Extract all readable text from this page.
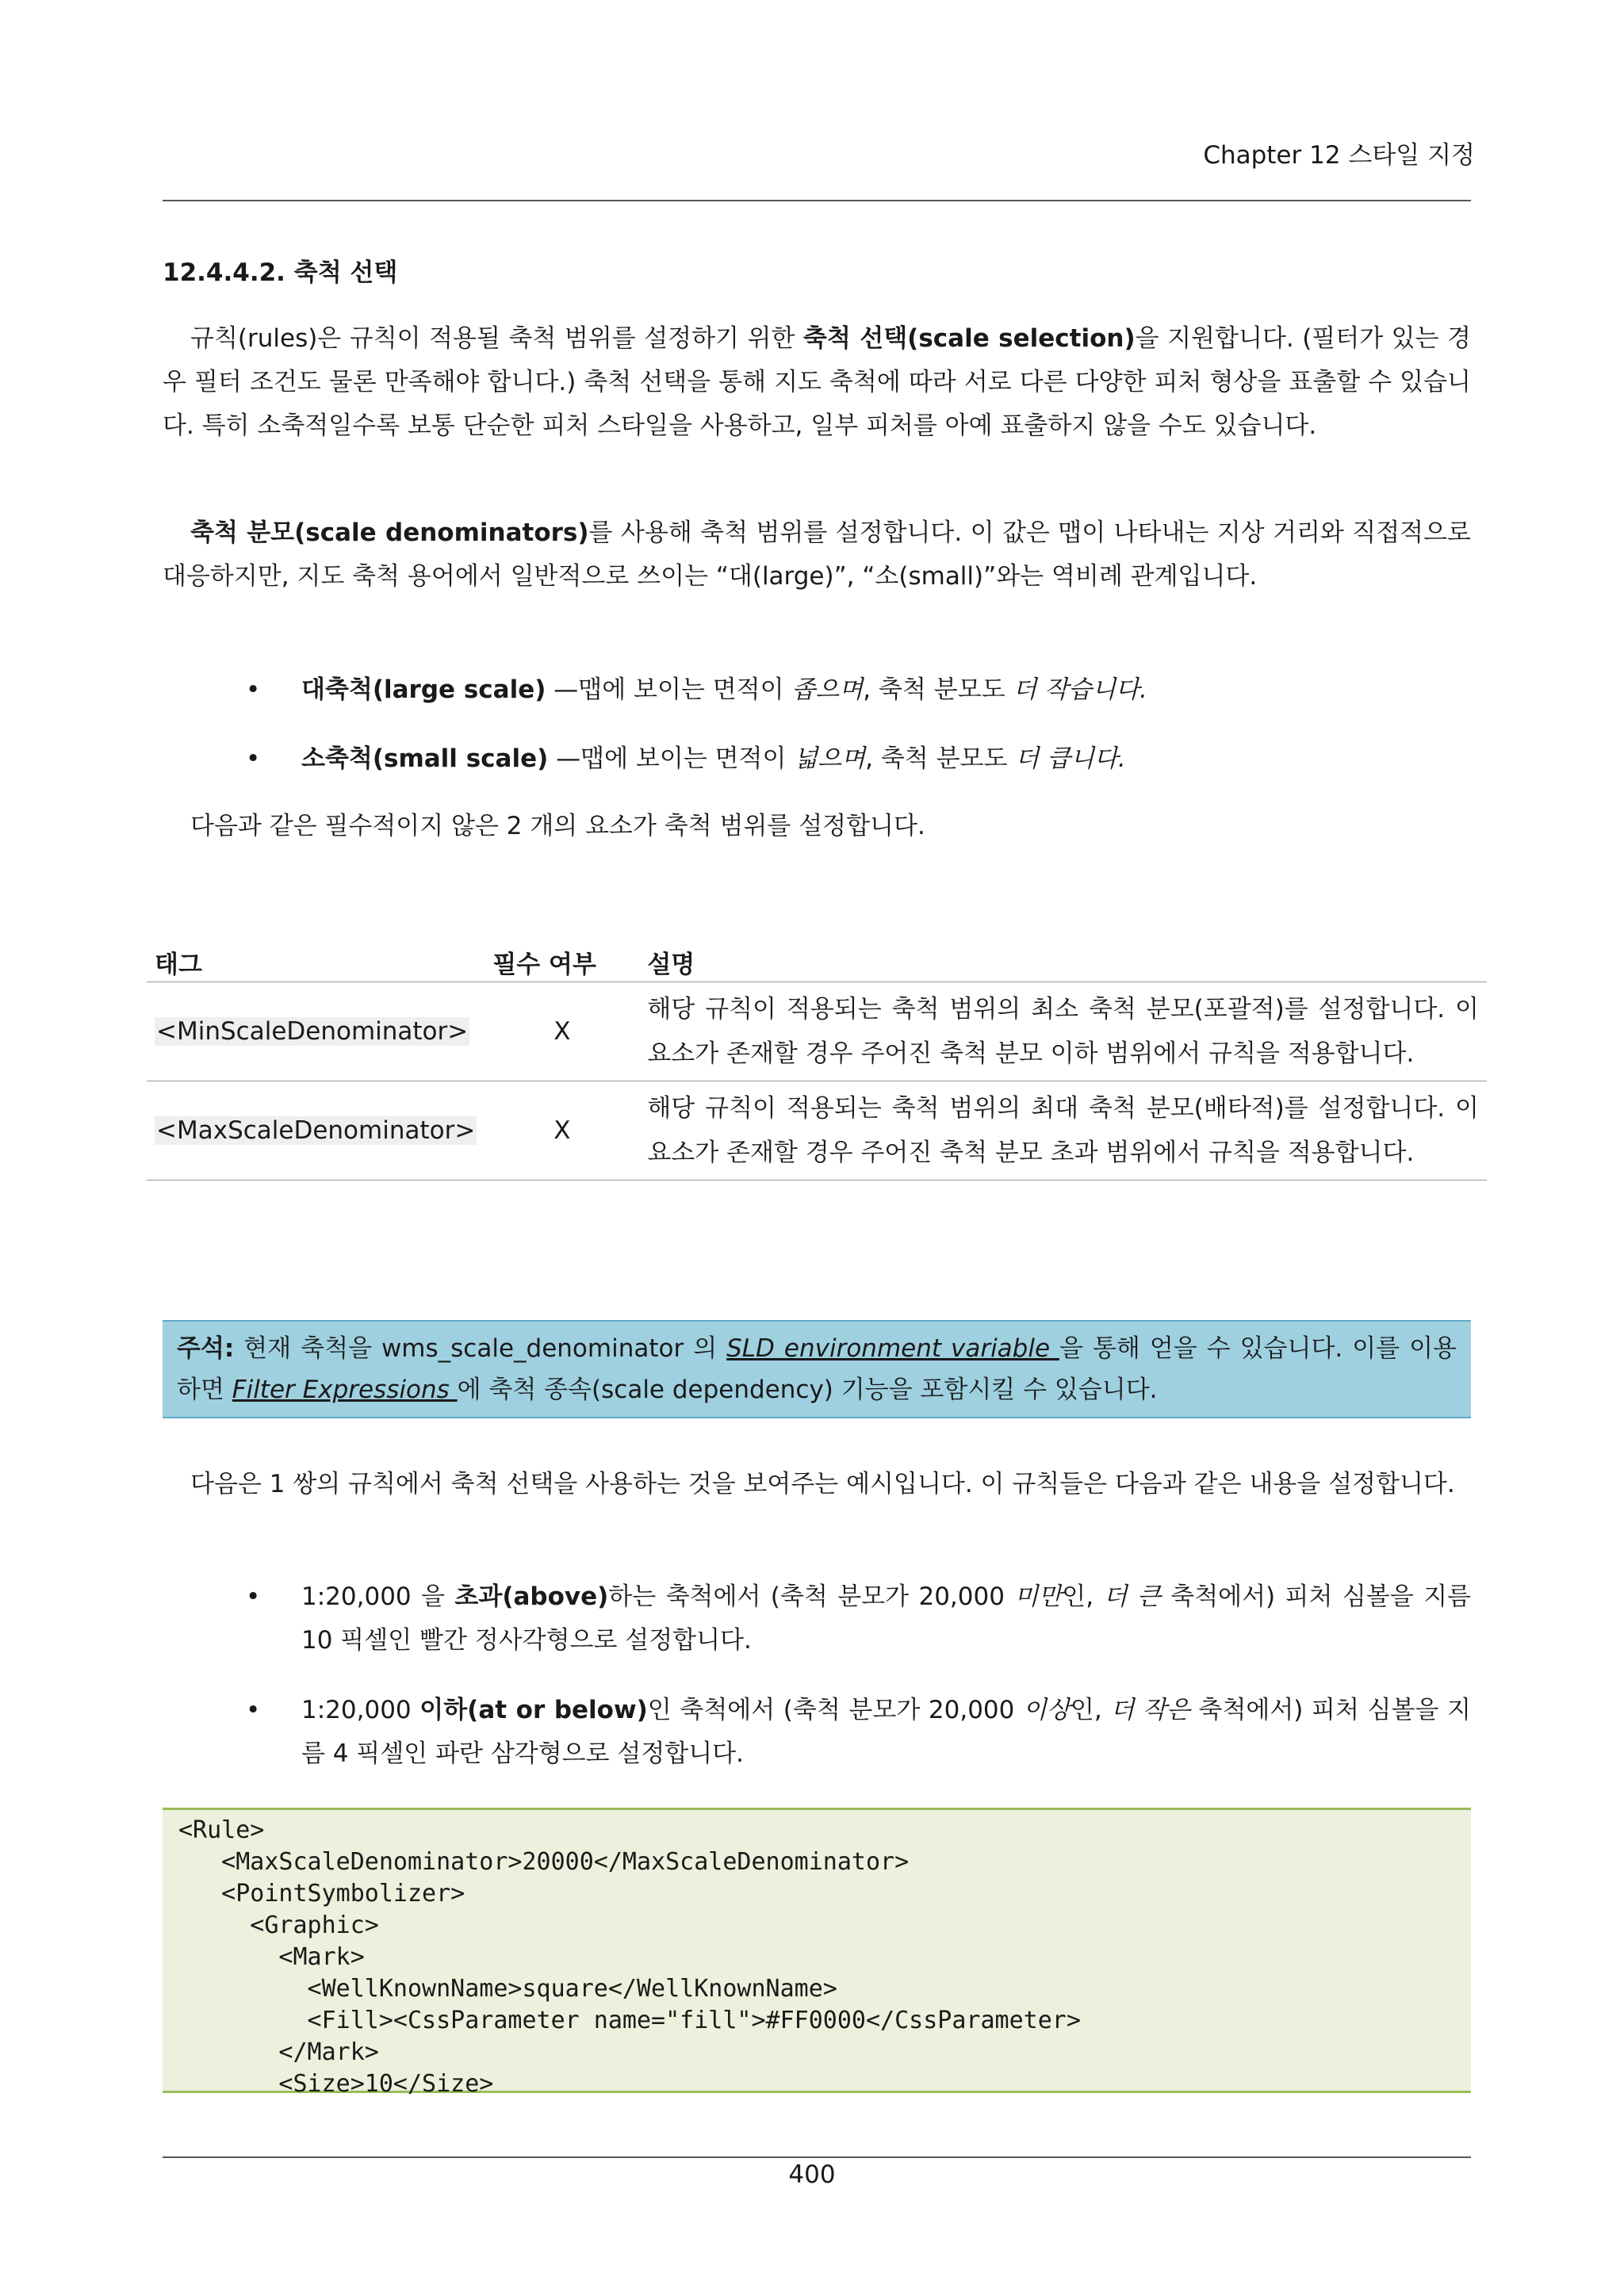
Chapter 12 스타일 지정
12.4.4.2. 축척 선택

규칙(rules)은 규칙이 적용될 축척 범위를 설정하기 위한 축척 선택(scale selection)을 지원합니다. (필터가 있는 경우 필터 조건도 물론 만족해야 합니다.) 축척 선택을 통해 지도 축척에 따라 서로 다른 다양한 피처 형상을 표출할 수 있습니다. 특히 소축적일수록 보통 단순한 피처 스타일을 사용하고, 일부 피처를 아예 표출하지 않을 수도 있습니다.

축척 분모(scale denominators)를 사용해 축척 범위를 설정합니다. 이 값은 맵이 나타내는 지상 거리와 직접적으로 대응하지만, 지도 축척 용어에서 일반적으로 쓰이는 “대(large)”, “소(small)”와는 역비례 관계입니다.

• 대축척(large scale) —맵에 보이는 면적이 좁으며, 축척 분모도 더 작습니다.

• 소축척(small scale) —맵에 보이는 면적이 넓으며, 축척 분모도 더 큽니다.

다음과 같은 필수적이지 않은 2 개의 요소가 축척 범위를 설정합니다.

태그	필수 여부	설명
<MinScaleDenominator>	X	해당 규칙이 적용되는 축척 범위의 최소 축척 분모(포괄적)를 설정합니다. 이 요소가 존재할 경우 주어진 축척 분모 이하 범위에서 규칙을 적용합니다.
<MaxScaleDenominator>	X	해당 규칙이 적용되는 축척 범위의 최대 축척 분모(배타적)를 설정합니다. 이 요소가 존재할 경우 주어진 축척 분모 초과 범위에서 규칙을 적용합니다.
주석: 현재 축척을 wms_scale_denominator 의 SLD environment variable 을 통해 얻을 수 있습니다. 이를 이용하면 Filter Expressions 에 축척 종속(scale dependency) 기능을 포함시킬 수 있습니다.

다음은 1 쌍의 규칙에서 축척 선택을 사용하는 것을 보여주는 예시입니다. 이 규칙들은 다음과 같은 내용을 설정합니다.

• 1:20,000 을 초과(above)하는 축척에서 (축척 분모가 20,000 미만인, 더 큰 축척에서) 피처 심볼을 지름 10 픽셀인 빨간 정사각형으로 설정합니다.

• 1:20,000 이하(at or below)인 축척에서 (축척 분모가 20,000 이상인, 더 작은 축척에서) 피처 심볼을 지름 4 픽셀인 파란 삼각형으로 설정합니다.

<Rule>
<MaxScaleDenominator>20000</MaxScaleDenominator>
<PointSymbolizer>
<Graphic>
<Mark>
<WellKnownName>square</WellKnownName>
<Fill><CssParameter name="fill">#FF0000</CssParameter>
</Mark>
<Size>10</Size>
400
